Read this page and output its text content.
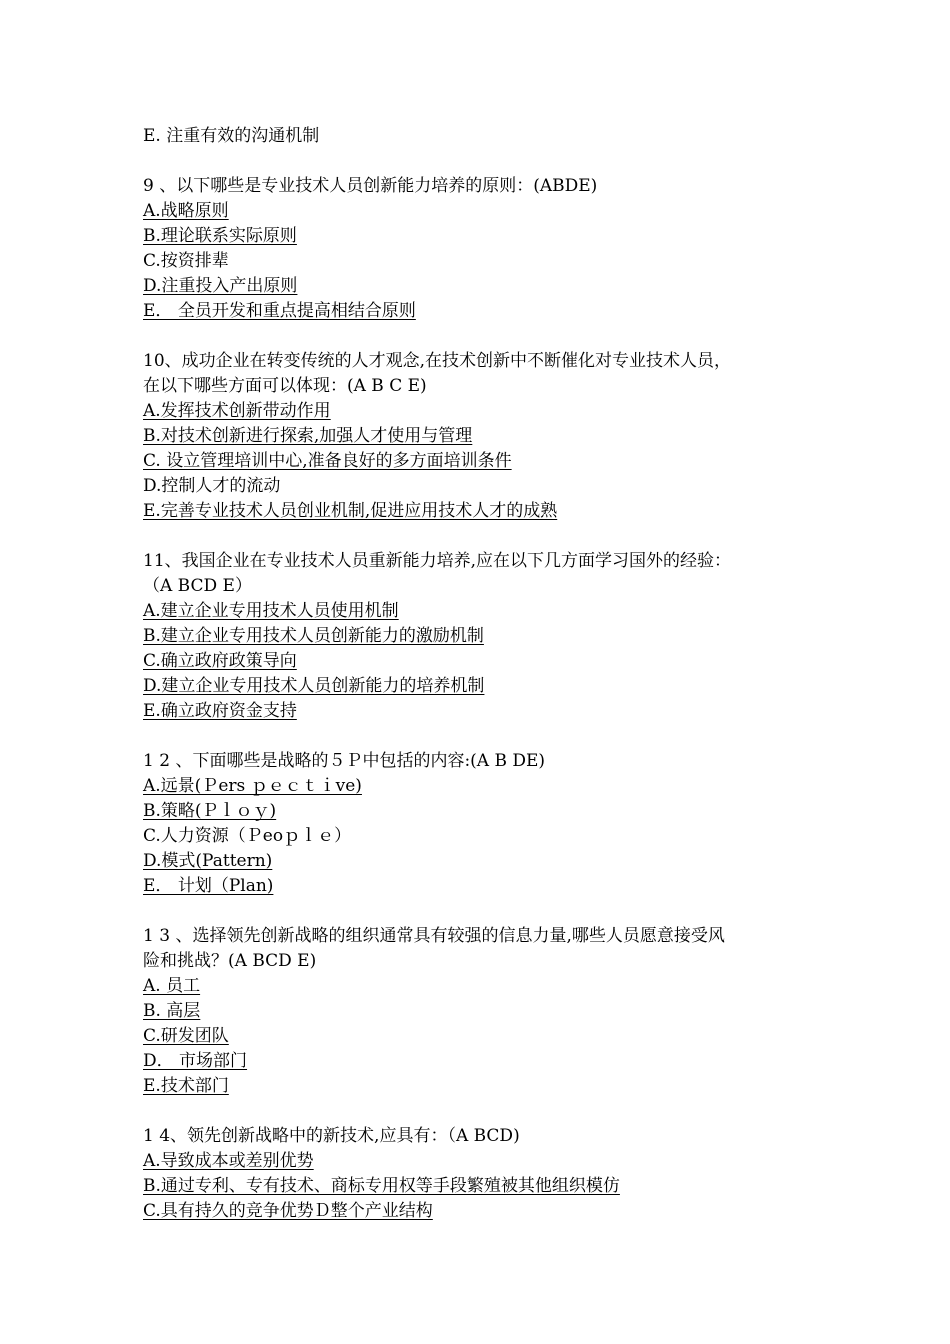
E. 注重有效的沟通机制
9 、以下哪些是专业技术人员创新能力培养的原则：(ABDE)
A.战略原则
B.理论联系实际原则
C.按资排辈
D.注重投入产出原则
E． 全员开发和重点提高相结合原则
10、成功企业在转变传统的人才观念,在技术创新中不断催化对专业技术人员，
在以下哪些方面可以体现：(A B C E)
A.发挥技术创新带动作用
B.对技术创新进行探索,加强人才使用与管理
C. 设立管理培训中心,准备良好的多方面培训条件
D.控制人才的流动
E.完善专业技术人员创业机制,促进应用技术人才的成熟
11、我国企业在专业技术人员重新能力培养,应在以下几方面学习国外的经验：
（A BCD E）
A.建立企业专用技术人员使用机制
B.建立企业专用技术人员创新能力的激励机制
C.确立政府政策导向
D.建立企业专用技术人员创新能力的培养机制
E.确立政府资金支持
1 2 、下面哪些是战略的５Ｐ中包括的内容:(A B DE)
A.远景(Ｐers ｐｅｃｔｉve)
B.策略(Ｐｌｏｙ)
C.人力资源（Ｐeoｐｌｅ）
D.模式(Pattern)
E． 计划（Plan)
1 3 、选择领先创新战略的组织通常具有较强的信息力量,哪些人员愿意接受风
险和挑战？(A BCD E)
A. 员工
B. 高层
C.研发团队
D． 市场部门
E.技术部门
1 4、领先创新战略中的新技术,应具有：（A BCD)
A.导致成本或差别优势
B.通过专利、专有技术、商标专用权等手段繁殖被其他组织模仿
C.具有持久的竞争优势Ｄ整个产业结构
